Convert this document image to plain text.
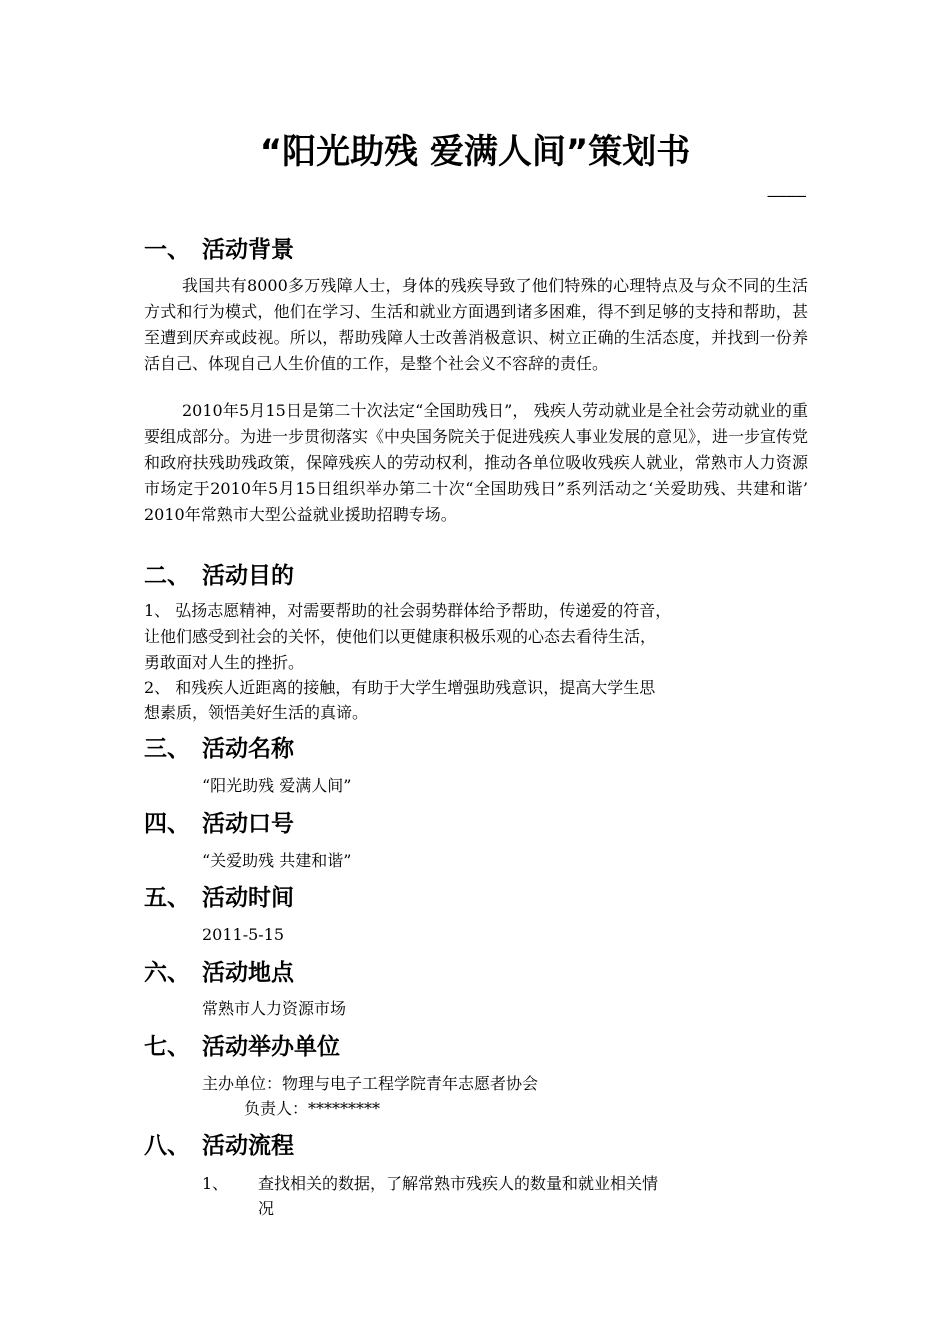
“阳光助残 爱满人间”策划书
————
一、 活动背景
我国共有8000多万残障人士，身体的残疾导致了他们特殊的心理特点及与众不同的生活方式和行为模式，他们在学习、生活和就业方面遇到诸多困难，得不到足够的支持和帮助，甚至遭到厌弃或歧视。所以，帮助残障人士改善消极意识、树立正确的生活态度，并找到一份养活自己、体现自己人生价值的工作，是整个社会义不容辞的责任。
2010年5月15日是第二十次法定“全国助残日”， 残疾人劳动就业是全社会劳动就业的重要组成部分。为进一步贯彻落实《中央国务院关于促进残疾人事业发展的意见》，进一步宣传党和政府扶残助残政策，保障残疾人的劳动权利，推动各单位吸收残疾人就业，常熟市人力资源市场定于2010年5月15日组织举办第二十次“全国助残日”系列活动之‘关爱助残、共建和谐’ 2010年常熟市大型公益就业援助招聘专场。
二、 活动目的
1、 弘扬志愿精神，对需要帮助的社会弱势群体给予帮助，传递爱的符音，
让他们感受到社会的关怀，使他们以更健康积极乐观的心态去看待生活，
勇敢面对人生的挫折。
2、 和残疾人近距离的接触，有助于大学生增强助残意识，提高大学生思
想素质，领悟美好生活的真谛。
三、 活动名称
“阳光助残 爱满人间”
四、 活动口号
“关爱助残 共建和谐”
五、 活动时间
2011-5-15
六、 活动地点
常熟市人力资源市场
七、 活动举办单位
主办单位：物理与电子工程学院青年志愿者协会
负责人：*********
八、 活动流程
1、 查找相关的数据，了解常熟市残疾人的数量和就业相关情
况
